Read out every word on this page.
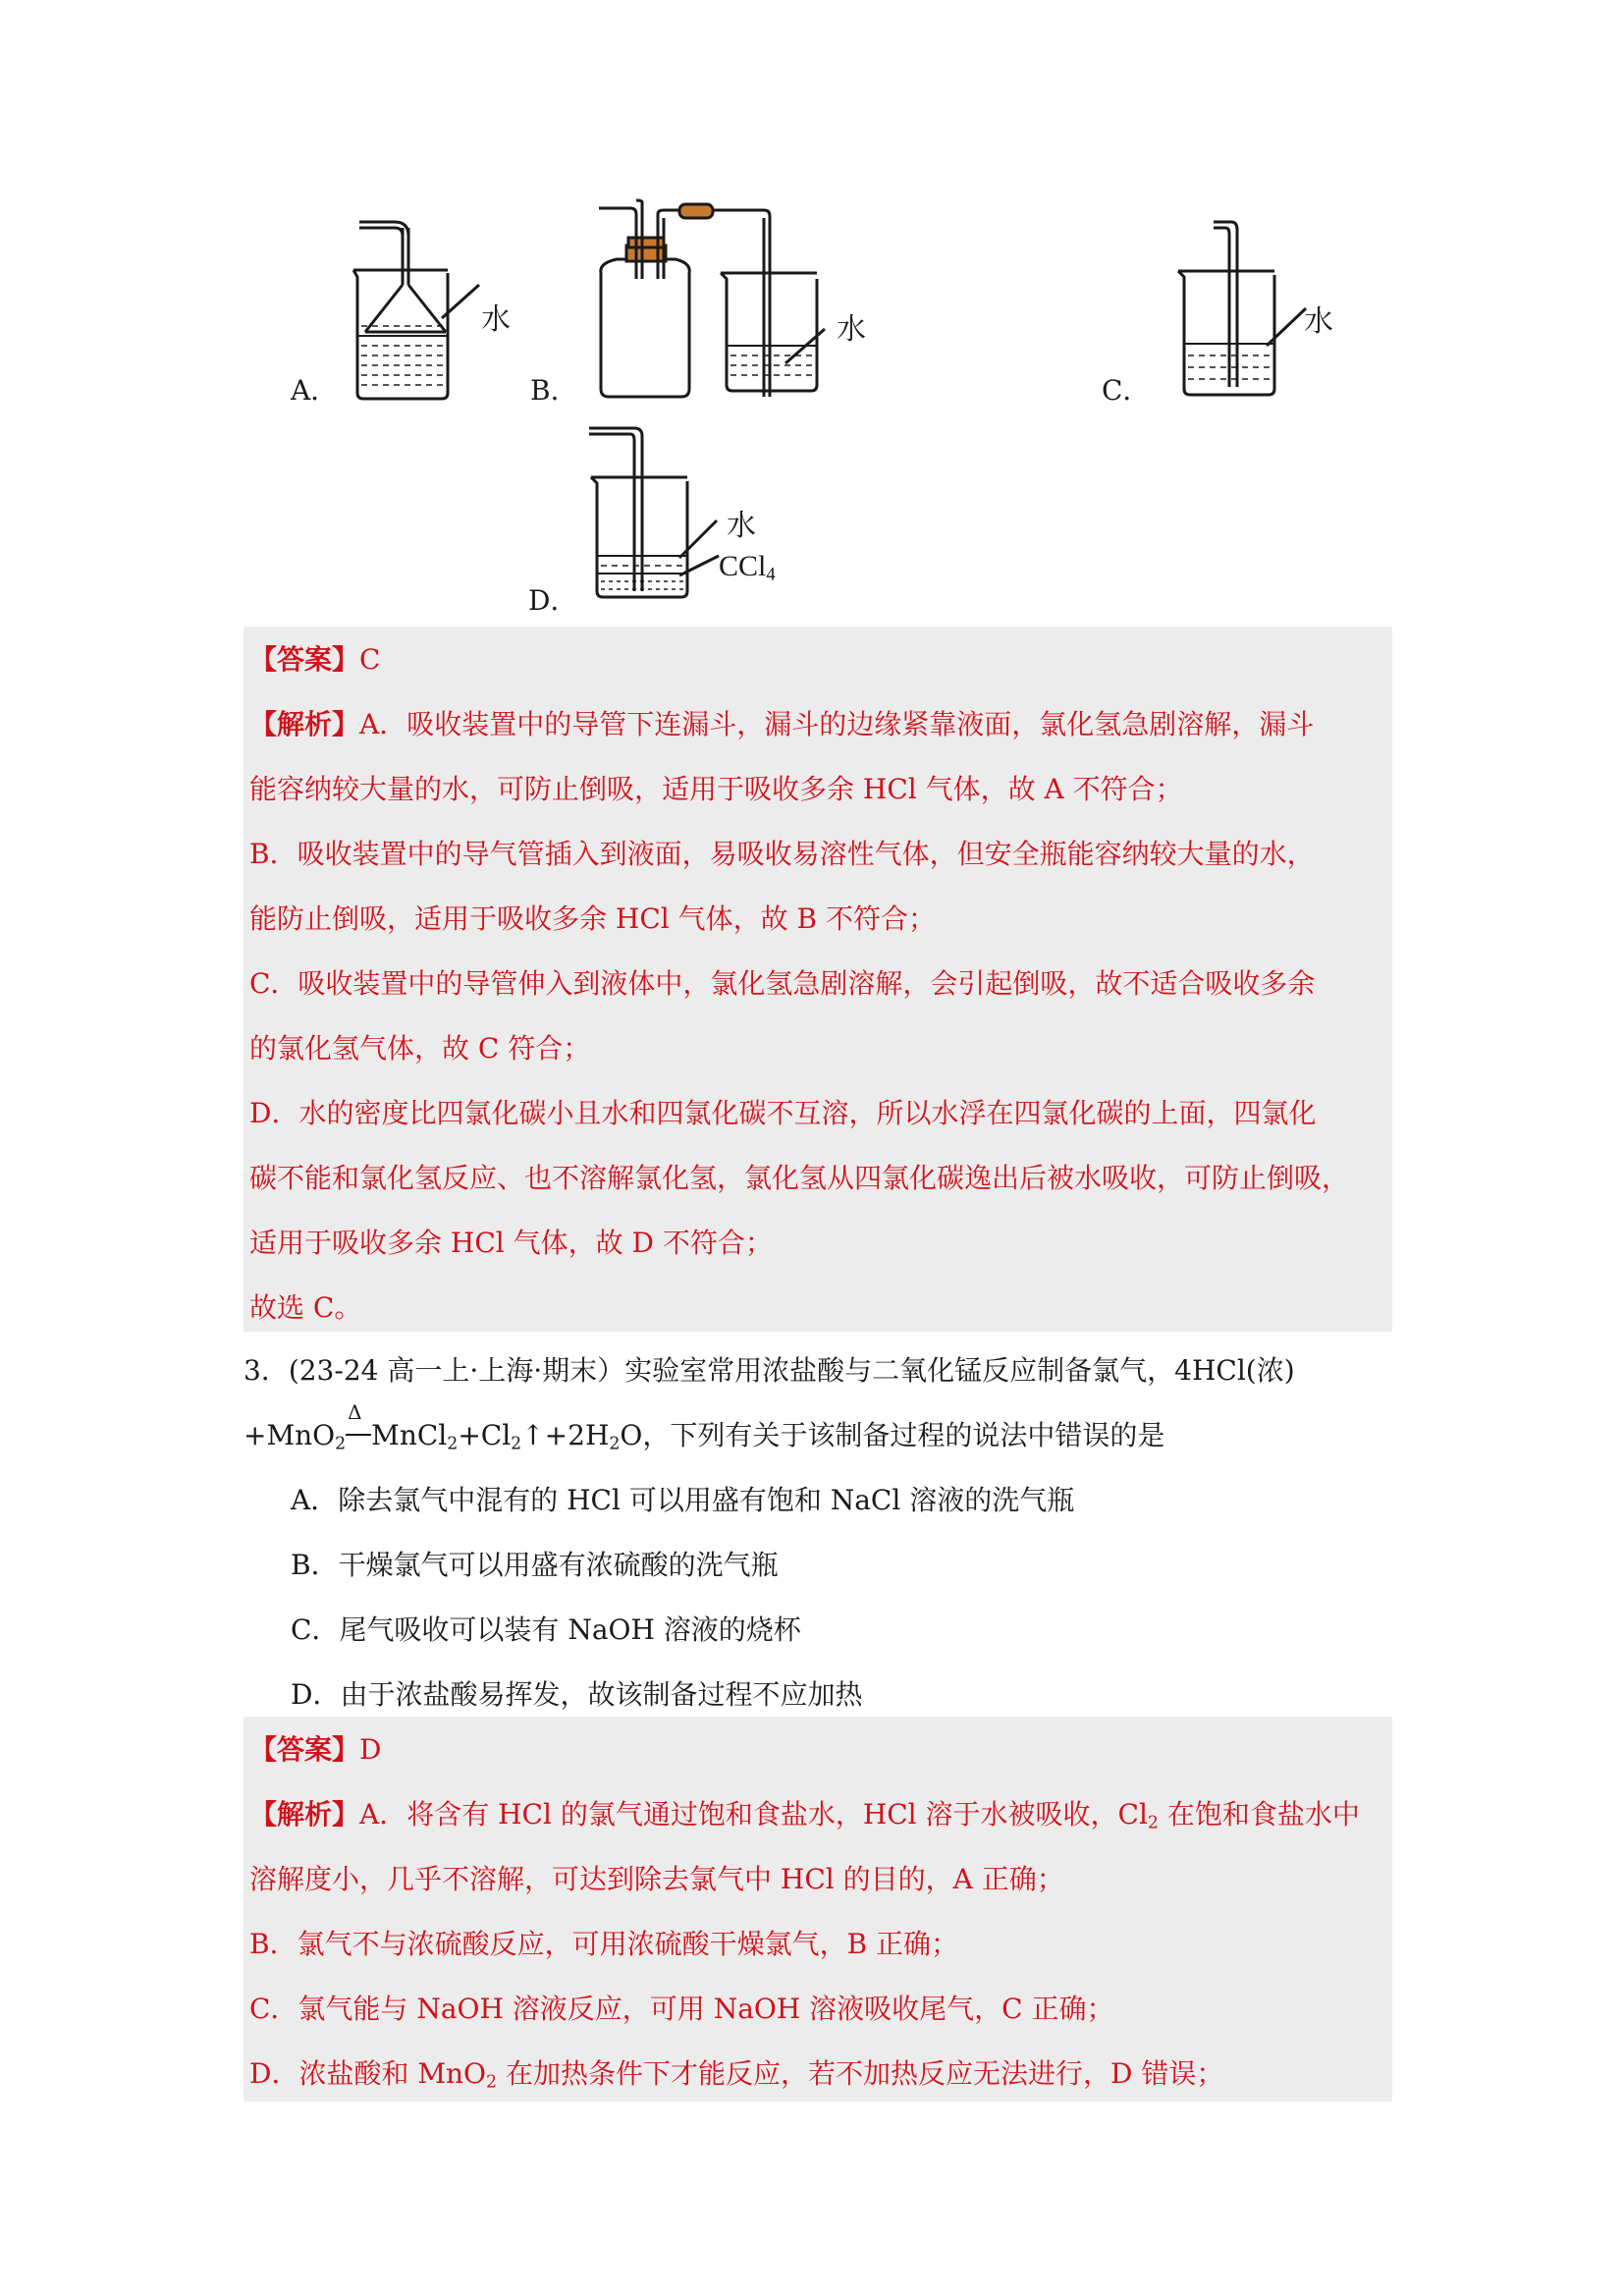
A．
水
B．
水
C．
水
D．
水
CCl$_4$
【答案】C
【解析】A．吸收装置中的导管下连漏斗，漏斗的边缘紧靠液面，氯化氢急剧溶解，漏斗
能容纳较大量的水，可防止倒吸，适用于吸收多余 HCl 气体，故 A 不符合；
B．吸收装置中的导气管插入到液面，易吸收易溶性气体，但安全瓶能容纳较大量的水，
能防止倒吸，适用于吸收多余 HCl 气体，故 B 不符合；
C．吸收装置中的导管伸入到液体中，氯化氢急剧溶解，会引起倒吸，故不适合吸收多余
的氯化氢气体，故 C 符合；
D．水的密度比四氯化碳小且水和四氯化碳不互溶，所以水浮在四氯化碳的上面，四氯化
碳不能和氯化氢反应、也不溶解氯化氢，氯化氢从四氯化碳逸出后被水吸收，可防止倒吸，
适用于吸收多余 HCl 气体，故 D 不符合；
故选 C。
3．(23-24 高一上·上海·期末）实验室常用浓盐酸与二氧化锰反应制备氯气，4HCl(浓)
+MnO$_2$
Δ
$MnCl_2+Cl_2↑+2H_2O$，下列有关于该制备过程的说法中错误的是
A．除去氯气中混有的 HCl 可以用盛有饱和 NaCl 溶液的洗气瓶
B．干燥氯气可以用盛有浓硫酸的洗气瓶
C．尾气吸收可以装有 NaOH 溶液的烧杯
D．由于浓盐酸易挥发，故该制备过程不应加热
【答案】D
【解析】A．将含有 HCl 的氯气通过饱和食盐水，HCl 溶于水被吸收，$Cl_2$ 在饱和食盐水中
溶解度小，几乎不溶解，可达到除去氯气中 HCl 的目的，A 正确；
B．氯气不与浓硫酸反应，可用浓硫酸干燥氯气，B 正确；
C．氯气能与 NaOH 溶液反应，可用 NaOH 溶液吸收尾气，C 正确；
D．浓盐酸和 MnO$_2$ 在加热条件下才能反应，若不加热反应无法进行，D 错误；
